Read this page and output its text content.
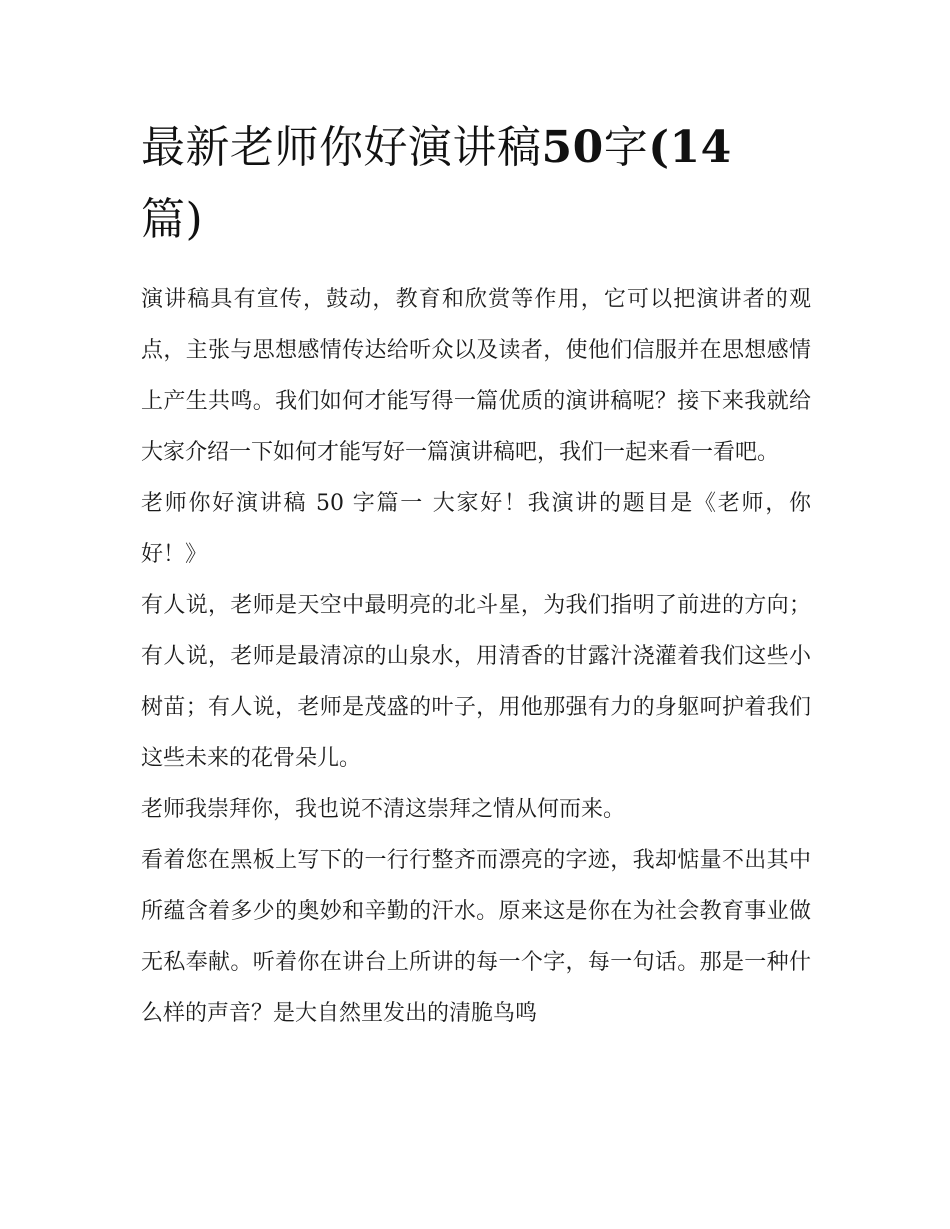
最新老师你好演讲稿50字(14
篇)

演讲稿具有宣传，鼓动，教育和欣赏等作用，它可以把演讲者的观点，主张与思想感情传达给听众以及读者，使他们信服并在思想感情上产生共鸣。我们如何才能写得一篇优质的演讲稿呢？接下来我就给大家介绍一下如何才能写好一篇演讲稿吧，我们一起来看一看吧。

老师你好演讲稿 50 字篇一 大家好！我演讲的题目是《老师，你好！》

有人说，老师是天空中最明亮的北斗星，为我们指明了前进的方向；有人说，老师是最清凉的山泉水，用清香的甘露汁浇灌着我们这些小树苗；有人说，老师是茂盛的叶子，用他那强有力的身躯呵护着我们这些未来的花骨朵儿。

老师我崇拜你，我也说不清这崇拜之情从何而来。

看着您在黑板上写下的一行行整齐而漂亮的字迹，我却惦量不出其中所蕴含着多少的奥妙和辛勤的汗水。原来这是你在为社会教育事业做无私奉献。听着你在讲台上所讲的每一个字，每一句话。那是一种什么样的声音？是大自然里发出的清脆鸟鸣
